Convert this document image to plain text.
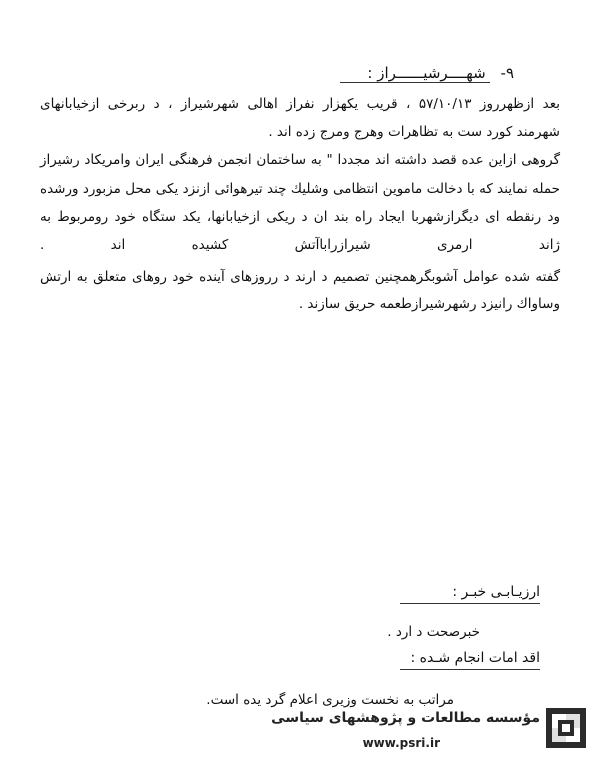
۹- شهــــرشيــــــراز :
بعد ازظهرروز ۵۷/۱۰/۱۳ ، قريب يكهزار نفراز اهالی شهرشيراز ، د ربرخی ازخيابانهای
شهرمند كورد ست به تظاهرات وهرج ومرج زده اند .
گروهی ازاين عده قصد داشته اند مجددا " به ساختمان انجمن فرهنگی ايران وامريكاد رشيراز
حمله نمايند كه با دخالت ماموين انتظامی وشليك چند تيرهوائی ازنزد يكی محل مزبورد ورشده
ود رنقطه ای ديگرازشهربا ايجاد راه بند ان د ريكی ازخيابانها، يكد ستگاه خود رومربوط به
ژاند ارمری شيرازراباآتش كشيده اند .
گفته شده عوامل آشوبگرهمچنين تصميم د ارند د رروزهای آينده خود روهای متعلق به ارتش
وساواك رانيزد رشهرشيرازطعمه حريق سازند .
ارزيـابـی خبـر :
خبرصحت د ارد .
اقد امات انجام شـده :
مراتب به نخست وزيری اعلام گرد يده است.
مؤسسه مطالعات و پژوهشهای سیاسی
www.psri.ir
